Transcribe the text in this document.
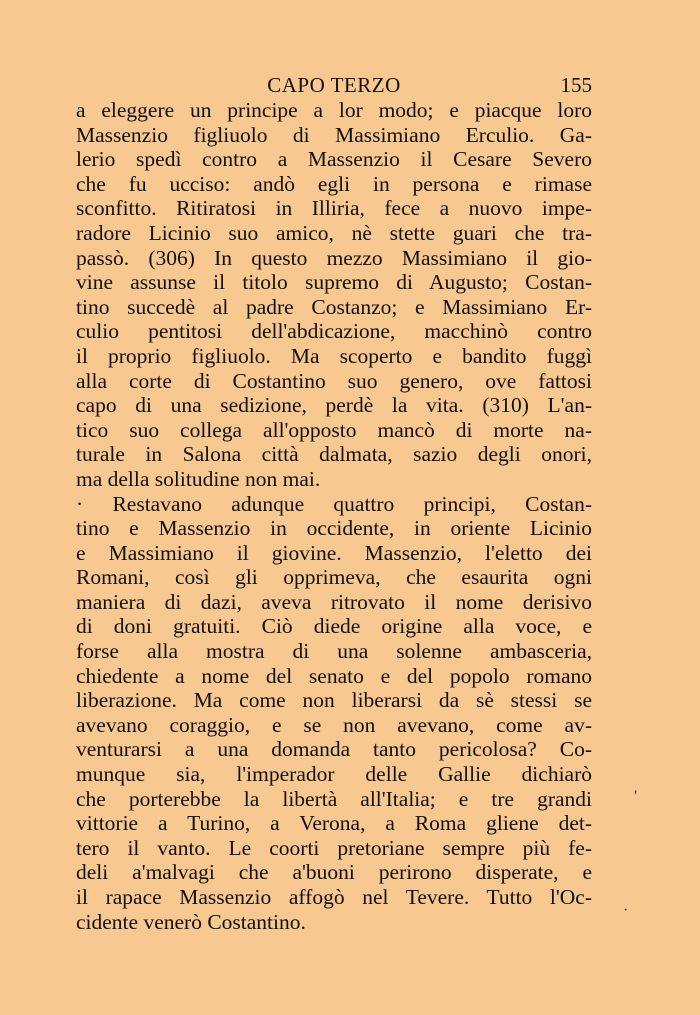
CAPO TERZO	155
a eleggere un principe a lor modo; e piacque loro
Massenzio figliuolo di Massimiano Erculio. Ga-
lerio spedì contro a Massenzio il Cesare Severo
che fu ucciso: andò egli in persona e rimase
sconfitto. Ritiratosi in Illiria, fece a nuovo impe-
radore Licinio suo amico, nè stette guari che tra-
passò. (306) In questo mezzo Massimiano il gio-
vine assunse il titolo supremo di Augusto; Costan-
tino succedè al padre Costanzo; e Massimiano Er-
culio pentitosi dell'abdicazione, macchinò contro
il proprio figliuolo. Ma scoperto e bandito fuggì
alla corte di Costantino suo genero, ove fattosi
capo di una sedizione, perdè la vita. (310) L'an-
tico suo collega all'opposto mancò di morte na-
turale in Salona città dalmata, sazio degli onori,
ma della solitudine non mai.
· Restavano adunque quattro principi, Costan-
tino e Massenzio in occidente, in oriente Licinio
e Massimiano il giovine. Massenzio, l'eletto dei
Romani, così gli opprimeva, che esaurita ogni
maniera di dazi, aveva ritrovato il nome derisivo
di doni gratuiti. Ciò diede origine alla voce, e
forse alla mostra di una solenne ambasceria,
chiedente a nome del senato e del popolo romano
liberazione. Ma come non liberarsi da sè stessi se
avevano coraggio, e se non avevano, come av-
venturarsi a una domanda tanto pericolosa? Co-
munque sia, l'imperador delle Gallie dichiarò
che porterebbe la libertà all'Italia; e tre grandi
vittorie a Turino, a Verona, a Roma gliene det-
tero il vanto. Le coorti pretoriane sempre più fe-
deli a'malvagi che a'buoni perirono disperate, e
il rapace Massenzio affogò nel Tevere. Tutto l'Oc-
cidente venerò Costantino.
′
·
